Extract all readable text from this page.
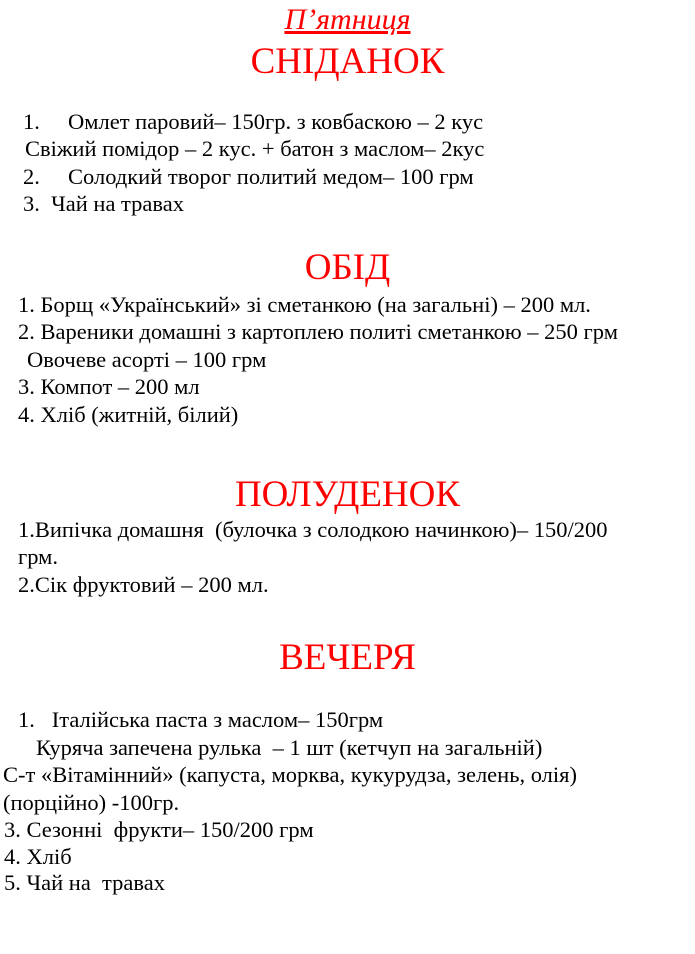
П’ятниця
СНІДАНОК
1.     Омлет паровий– 150гр. з ковбаскою – 2 кус
Свіжий помідор – 2 кус. + батон з маслом– 2кус
2.     Солодкий творог политий медом– 100 грм
3.  Чай на травах
ОБІД
1. Борщ «Український» зі сметанкою (на загальні) – 200 мл.
2. Вареники домашні з картоплею политі сметанкою – 250 грм
Овочеве асорті – 100 грм
3. Компот – 200 мл
4. Хліб (житній, білий)
ПОЛУДЕНОК
1.Випічка домашня  (булочка з солодкою начинкою)– 150/200
грм.
2.Сік фруктовий – 200 мл.
ВЕЧЕРЯ
1.   Італійська паста з маслом– 150грм
Куряча запечена рулька  – 1 шт (кетчуп на загальній)
С-т «Вітамінний» (капуста, морква, кукурудза, зелень, олія)
(порційно) -100гр.
3. Сезонні  фрукти– 150/200 грм
4. Хліб
5. Чай на  травах
